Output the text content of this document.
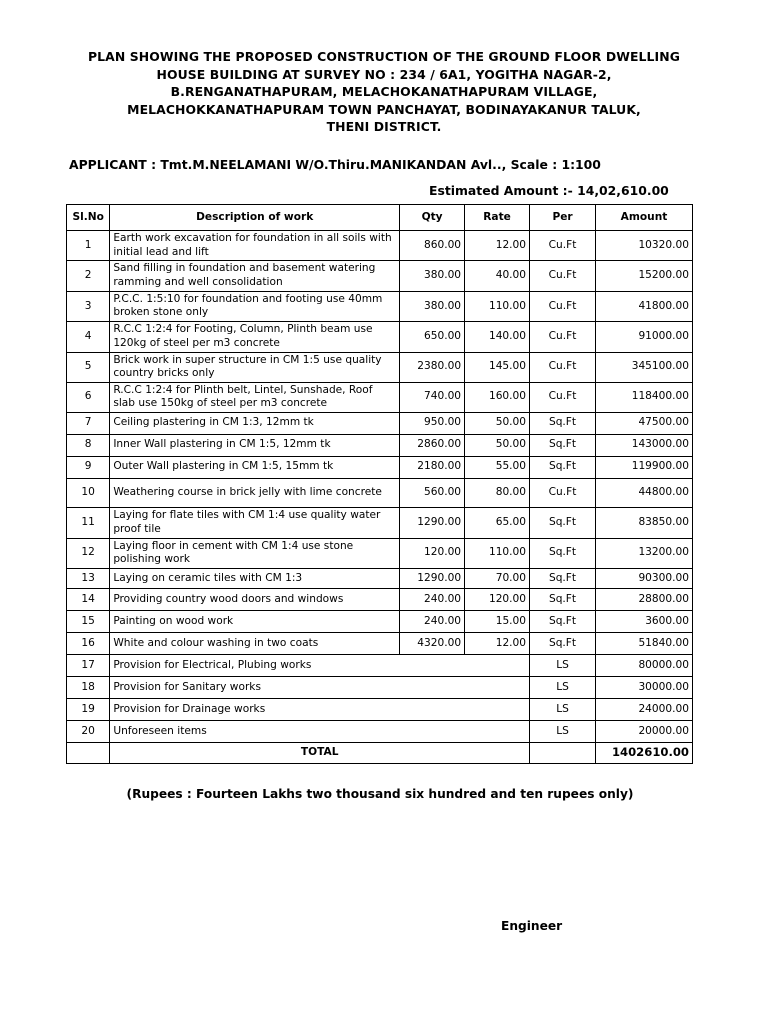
PLAN SHOWING THE PROPOSED CONSTRUCTION OF THE GROUND FLOOR DWELLING
HOUSE BUILDING AT SURVEY NO : 234 / 6A1, YOGITHA NAGAR-2,
B.RENGANATHAPURAM, MELACHOKANATHAPURAM VILLAGE,
MELACHOKKANATHAPURAM TOWN PANCHAYAT, BODINAYAKANUR TALUK,
THENI DISTRICT.
APPLICANT : Tmt.M.NEELAMANI W/O.Thiru.MANIKANDAN Avl.., Scale : 1:100
Estimated Amount :- 14,02,610.00
Sl.No	Description of work	Qty	Rate	Per	Amount
1	Earth work excavation for foundation in all soils with initial lead and lift	860.00	12.00	Cu.Ft	10320.00
2	Sand filling in foundation and basement watering ramming and well consolidation	380.00	40.00	Cu.Ft	15200.00
3	P.C.C. 1:5:10 for foundation and footing use 40mm broken stone only	380.00	110.00	Cu.Ft	41800.00
4	R.C.C 1:2:4 for Footing, Column, Plinth beam use 120kg of steel per m3 concrete	650.00	140.00	Cu.Ft	91000.00
5	Brick work in super structure in CM 1:5 use quality country bricks only	2380.00	145.00	Cu.Ft	345100.00
6	R.C.C 1:2:4 for Plinth belt, Lintel, Sunshade, Roof slab use 150kg of steel per m3 concrete	740.00	160.00	Cu.Ft	118400.00
7	Ceiling plastering in CM 1:3, 12mm tk	950.00	50.00	Sq.Ft	47500.00
8	Inner Wall plastering in CM 1:5, 12mm tk	2860.00	50.00	Sq.Ft	143000.00
9	Outer Wall plastering in CM 1:5, 15mm tk	2180.00	55.00	Sq.Ft	119900.00
10	Weathering course in brick jelly with lime concrete	560.00	80.00	Cu.Ft	44800.00
11	Laying for flate tiles with CM 1:4 use quality water proof tile	1290.00	65.00	Sq.Ft	83850.00
12	Laying floor in cement with CM 1:4 use stone polishing work	120.00	110.00	Sq.Ft	13200.00
13	Laying on ceramic tiles with CM 1:3	1290.00	70.00	Sq.Ft	90300.00
14	Providing country wood doors and windows	240.00	120.00	Sq.Ft	28800.00
15	Painting on wood work	240.00	15.00	Sq.Ft	3600.00
16	White and colour washing in two coats	4320.00	12.00	Sq.Ft	51840.00
17	Provision for Electrical, Plubing works			LS	80000.00
18	Provision for Sanitary works			LS	30000.00
19	Provision for Drainage works			LS	24000.00
20	Unforeseen items			LS	20000.00
	TOTAL				1402610.00
(Rupees : Fourteen Lakhs two thousand six hundred and ten rupees only)
Engineer
